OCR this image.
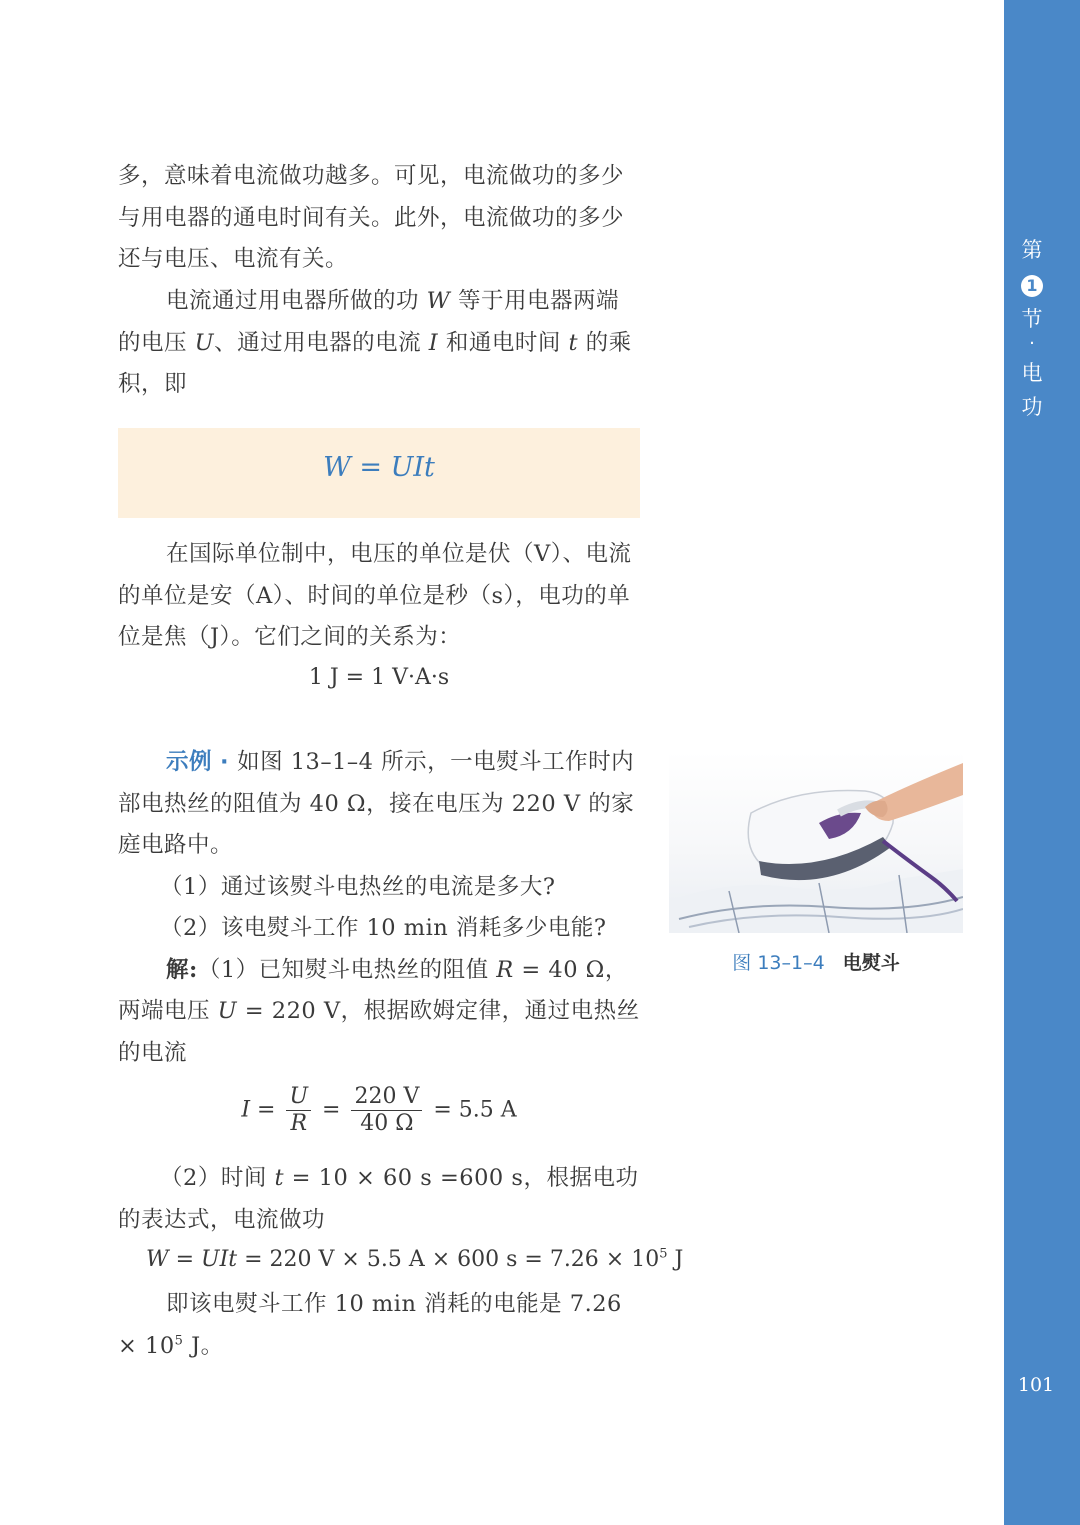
第
1
节
·
电
功
101

多，意味着电流做功越多。可见，电流做功的多少与用电器的通电时间有关。此外，电流做功的多少还与电压、电流有关。

电流通过用电器所做的功 W 等于用电器两端的电压 U、通过用电器的电流 I 和通电时间 t 的乘积，即

W = UIt

在国际单位制中，电压的单位是伏（V）、电流的单位是安（A）、时间的单位是秒（s），电功的单位是焦（J）。它们之间的关系为：

1 J = 1 V·A·s

示例 · 如图 13–1–4 所示，一电熨斗工作时内部电热丝的阻值为 40 Ω，接在电压为 220 V 的家庭电路中。

（1）通过该熨斗电热丝的电流是多大?

（2）该电熨斗工作 10 min 消耗多少电能?

解:（1）已知熨斗电热丝的阻值 R = 40 Ω，两端电压 U = 220 V，根据欧姆定律，通过电热丝的电流

$I = \frac{U}{R} = \frac{220 V}{40 \Omega} = 5.5$ A

（2）时间 t = 10 × 60 s =600 s，根据电功的表达式，电流做功

W = UIt = 220 V × 5.5 A × 600 $s = 7.26 \times 10^5$ J

即该电熨斗工作 10 min 消耗的电能是 $7.26 \times 10^5$ J。

图 13–1–4 电熨斗
